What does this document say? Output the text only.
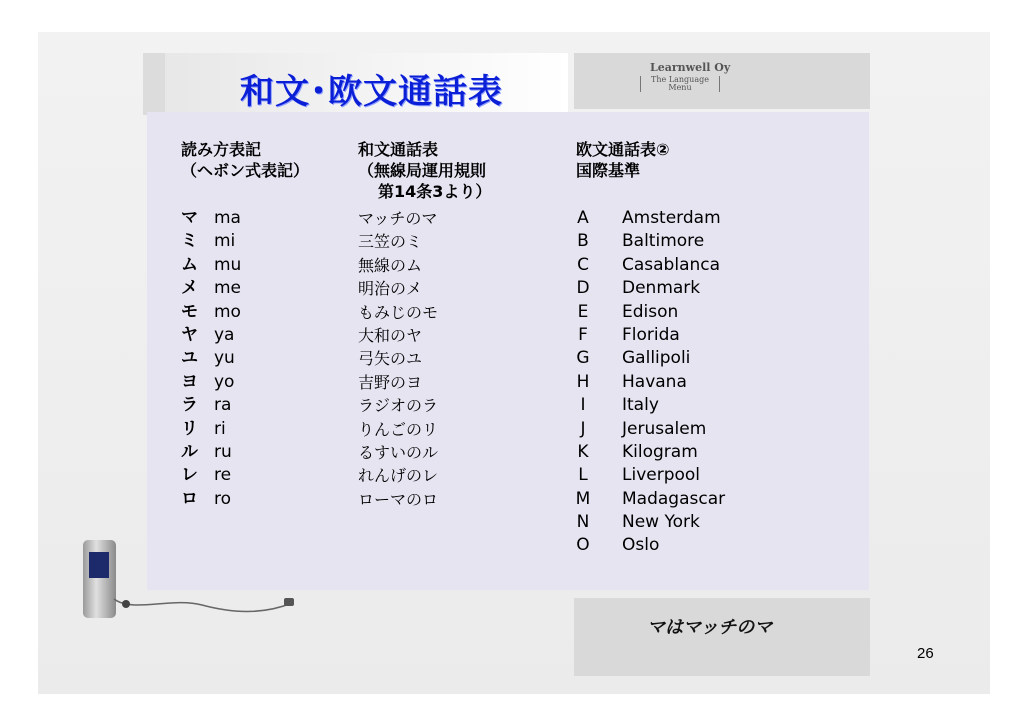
和文･欧文通話表
Learnwell Oy
The Language Menu
読み方表記
（ヘボン式表記）
和文通話表
（無線局運用規則
第14条3より）
欧文通話表②
国際基準
マ
ミ
ム
メ
モ
ヤ
ユ
ヨ
ラ
リ
ル
レ
ロ
ma
mi
mu
me
mo
ya
yu
yo
ra
ri
ru
re
ro
マッチのマ
三笠のミ
無線のム
明治のメ
もみじのモ
大和のヤ
弓矢のユ
吉野のヨ
ラジオのラ
りんごのリ
るすいのル
れんげのレ
ローマのロ
A
B
C
D
E
F
G
H
I
J
K
L
M
N
O
Amsterdam
Baltimore
Casablanca
Denmark
Edison
Florida
Gallipoli
Havana
Italy
Jerusalem
Kilogram
Liverpool
Madagascar
New York
Oslo
マはマッチのマ
26
